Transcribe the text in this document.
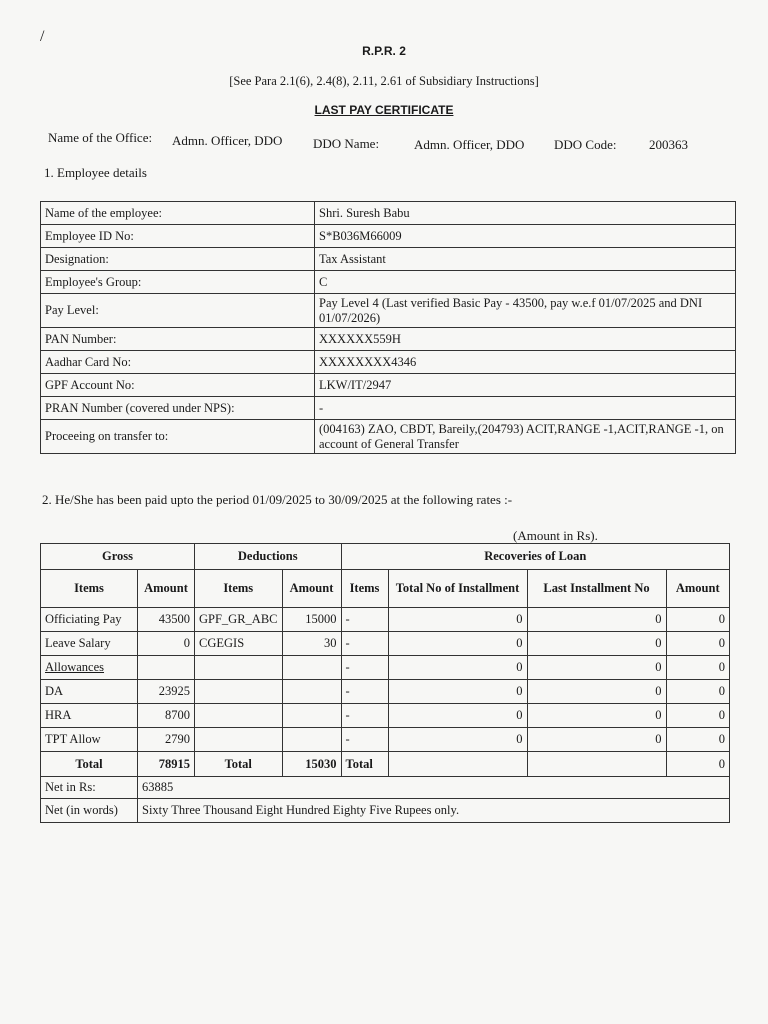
/
R.P.R. 2
[See Para 2.1(6), 2.4(8), 2.11, 2.61 of Subsidiary Instructions]
LAST PAY CERTIFICATE
Name of the Office: Admn. Officer, DDO DDO Name:	Admn. Officer, DDO DDO Code:	200363
1. Employee details
Name of the employee:	Shri. Suresh Babu
Employee ID No:	S*B036M66009
Designation:	Tax Assistant
Employee's Group:	C
Pay Level:	Pay Level 4 (Last verified Basic Pay - 43500, pay w.e.f 01/07/2025 and DNI 01/07/2026)
PAN Number:	XXXXXX559H
Aadhar Card No:	XXXXXXXX4346
GPF Account No:	LKW/IT/2947
PRAN Number (covered under NPS):	-
Proceeing on transfer to:	(004163) ZAO, CBDT, Bareily,(204793) ACIT,RANGE -1,ACIT,RANGE -1, on account of General Transfer
2. He/She has been paid upto the period 01/09/2025 to 30/09/2025 at the following rates :-
(Amount in Rs).
Gross		Deductions		Recoveries of Loan			
Items	Amount	Items	Amount	Items	Total No of Installment	Last Installment No	Amount
Officiating Pay	43500	GPF_GR_ABC	15000	-	0	0	0
Leave Salary	0	CGEGIS	30	-	0	0	0
Allowances				-	0	0	0
DA	23925			-	0	0	0
HRA	8700			-	0	0	0
TPT Allow	2790			-	0	0	0
Total	78915	Total	15030	Total			0
Net in Rs:	63885						
Net (in words)	Sixty Three Thousand Eight Hundred Eighty Five Rupees only.						
